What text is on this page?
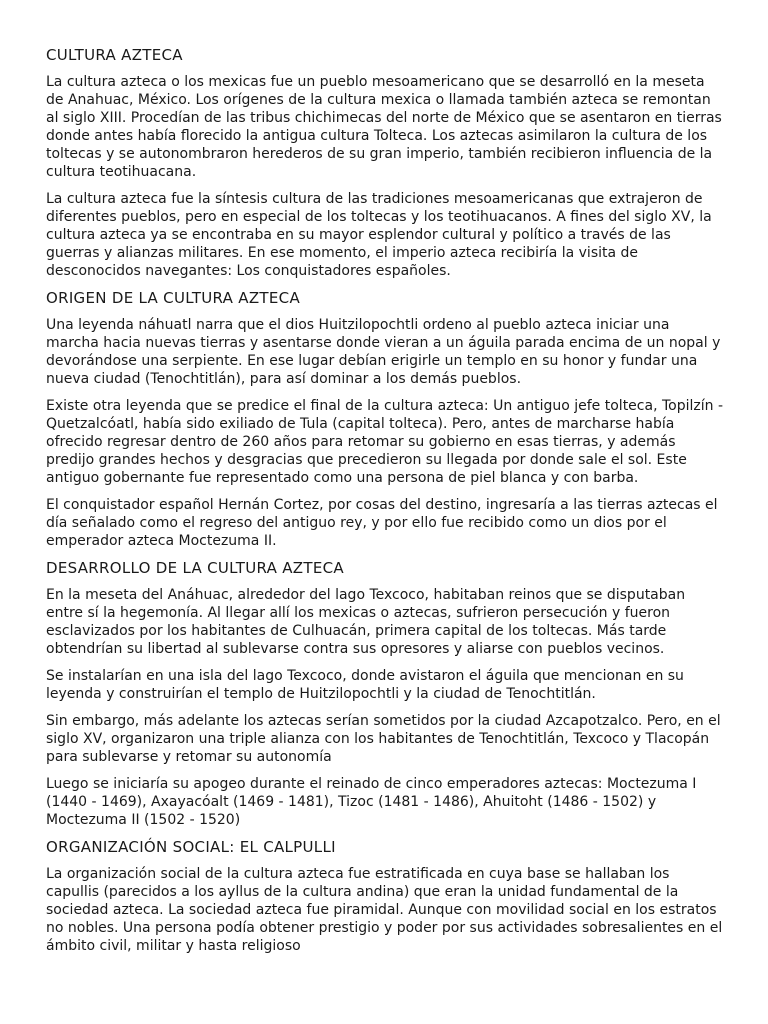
CULTURA AZTECA

La cultura azteca o los mexicas fue un pueblo mesoamericano que se desarrolló en la meseta de Anahuac, México. Los orígenes de la cultura mexica o llamada también azteca se remontan al siglo XIII. Procedían de las tribus chichimecas del norte de México que se asentaron en tierras donde antes había florecido la antigua cultura Tolteca. Los aztecas asimilaron la cultura de los toltecas y se autonombraron herederos de su gran imperio, también recibieron influencia de la cultura teotihuacana.

La cultura azteca fue la síntesis cultura de las tradiciones mesoamericanas que extrajeron de diferentes pueblos, pero en especial de los toltecas y los teotihuacanos. A fines del siglo XV, la cultura azteca ya se encontraba en su mayor esplendor cultural y político a través de las guerras y alianzas militares. En ese momento, el imperio azteca recibiría la visita de desconocidos navegantes: Los conquistadores españoles.

ORIGEN DE LA CULTURA AZTECA

Una leyenda náhuatl narra que el dios Huitzilopochtli ordeno al pueblo azteca iniciar una marcha hacia nuevas tierras y asentarse donde vieran a un águila parada encima de un nopal y devorándose una serpiente. En ese lugar debían erigirle un templo en su honor y fundar una nueva ciudad (Tenochtitlán), para así dominar a los demás pueblos.

Existe otra leyenda que se predice el final de la cultura azteca: Un antiguo jefe tolteca, Topilzín - Quetzalcóatl, había sido exiliado de Tula (capital tolteca). Pero, antes de marcharse había ofrecido regresar dentro de 260 años para retomar su gobierno en esas tierras, y además predijo grandes hechos y desgracias que precedieron su llegada por donde sale el sol. Este antiguo gobernante fue representado como una persona de piel blanca y con barba.

El conquistador español Hernán Cortez, por cosas del destino, ingresaría a las tierras aztecas el día señalado como el regreso del antiguo rey, y por ello fue recibido como un dios por el emperador azteca Moctezuma II.

DESARROLLO DE LA CULTURA AZTECA

En la meseta del Anáhuac, alrededor del lago Texcoco, habitaban reinos que se disputaban entre sí la hegemonía. Al llegar allí los mexicas o aztecas, sufrieron persecución y fueron esclavizados por los habitantes de Culhuacán, primera capital de los toltecas. Más tarde obtendrían su libertad al sublevarse contra sus opresores y aliarse con pueblos vecinos.

Se instalarían en una isla del lago Texcoco, donde avistaron el águila que mencionan en su leyenda y construirían el templo de Huitzilopochtli y la ciudad de Tenochtitlán.

Sin embargo, más adelante los aztecas serían sometidos por la ciudad Azcapotzalco. Pero, en el siglo XV, organizaron una triple alianza con los habitantes de Tenochtitlán, Texcoco y Tlacopán para sublevarse y retomar su autonomía

Luego se iniciaría su apogeo durante el reinado de cinco emperadores aztecas: Moctezuma I (1440 - 1469), Axayacóalt (1469 - 1481), Tizoc (1481 - 1486), Ahuitoht (1486 - 1502) y Moctezuma II (1502 - 1520)

ORGANIZACIÓN SOCIAL: EL CALPULLI

La organización social de la cultura azteca fue estratificada en cuya base se hallaban los capullis (parecidos a los ayllus de la cultura andina) que eran la unidad fundamental de la sociedad azteca. La sociedad azteca fue piramidal. Aunque con movilidad social en los estratos no nobles. Una persona podía obtener prestigio y poder por sus actividades sobresalientes en el ámbito civil, militar y hasta religioso
